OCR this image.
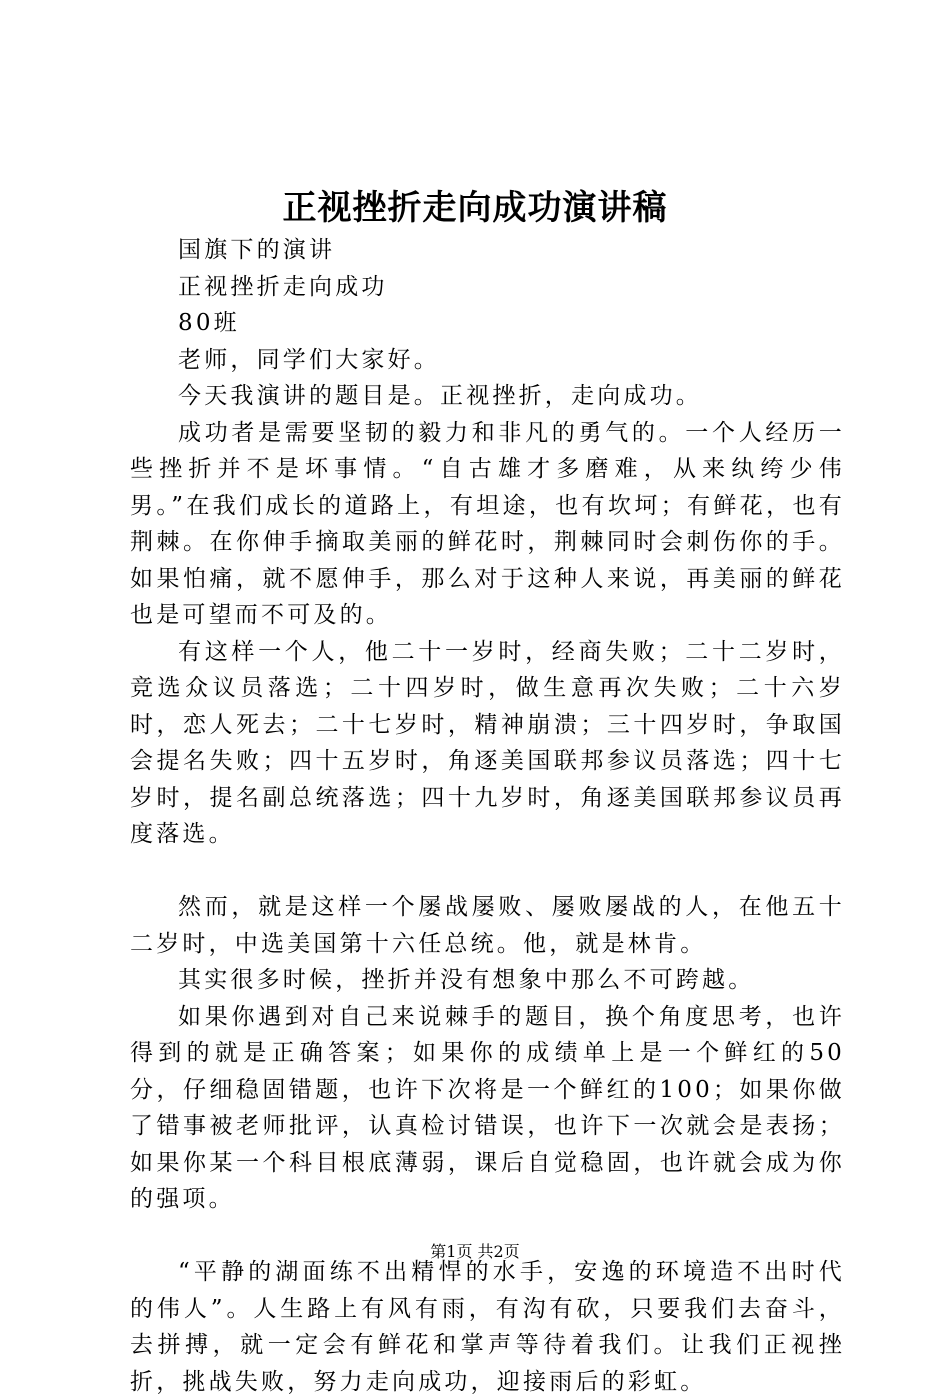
正视挫折走向成功演讲稿

国旗下的演讲

正视挫折走向成功

80班

老师，同学们大家好。

今天我演讲的题目是。正视挫折，走向成功。

成功者是需要坚韧的毅力和非凡的勇气的。一个人经历一些挫折并不是坏事情。“自古雄才多磨难，从来纨绔少伟男。”在我们成长的道路上，有坦途，也有坎坷；有鲜花，也有荆棘。在你伸手摘取美丽的鲜花时，荆棘同时会刺伤你的手。如果怕痛，就不愿伸手，那么对于这种人来说，再美丽的鲜花也是可望而不可及的。

有这样一个人，他二十一岁时，经商失败；二十二岁时，竞选众议员落选；二十四岁时，做生意再次失败；二十六岁时，恋人死去；二十七岁时，精神崩溃；三十四岁时，争取国会提名失败；四十五岁时，角逐美国联邦参议员落选；四十七岁时，提名副总统落选；四十九岁时，角逐美国联邦参议员再度落选。

然而，就是这样一个屡战屡败、屡败屡战的人，在他五十二岁时，中选美国第十六任总统。他，就是林肯。

其实很多时候，挫折并没有想象中那么不可跨越。

如果你遇到对自己来说棘手的题目，换个角度思考，也许得到的就是正确答案；如果你的成绩单上是一个鲜红的50分，仔细稳固错题，也许下次将是一个鲜红的100；如果你做了错事被老师批评，认真检讨错误，也许下一次就会是表扬；如果你某一个科目根底薄弱，课后自觉稳固，也许就会成为你的强项。

“平静的湖面练不出精悍的水手，安逸的环境造不出时代的伟人”。人生路上有风有雨，有沟有砍，只要我们去奋斗，去拼搏，就一定会有鲜花和掌声等待着我们。让我们正视挫折，挑战失败，努力走向成功，迎接雨后的彩虹。

第1页 共2页
